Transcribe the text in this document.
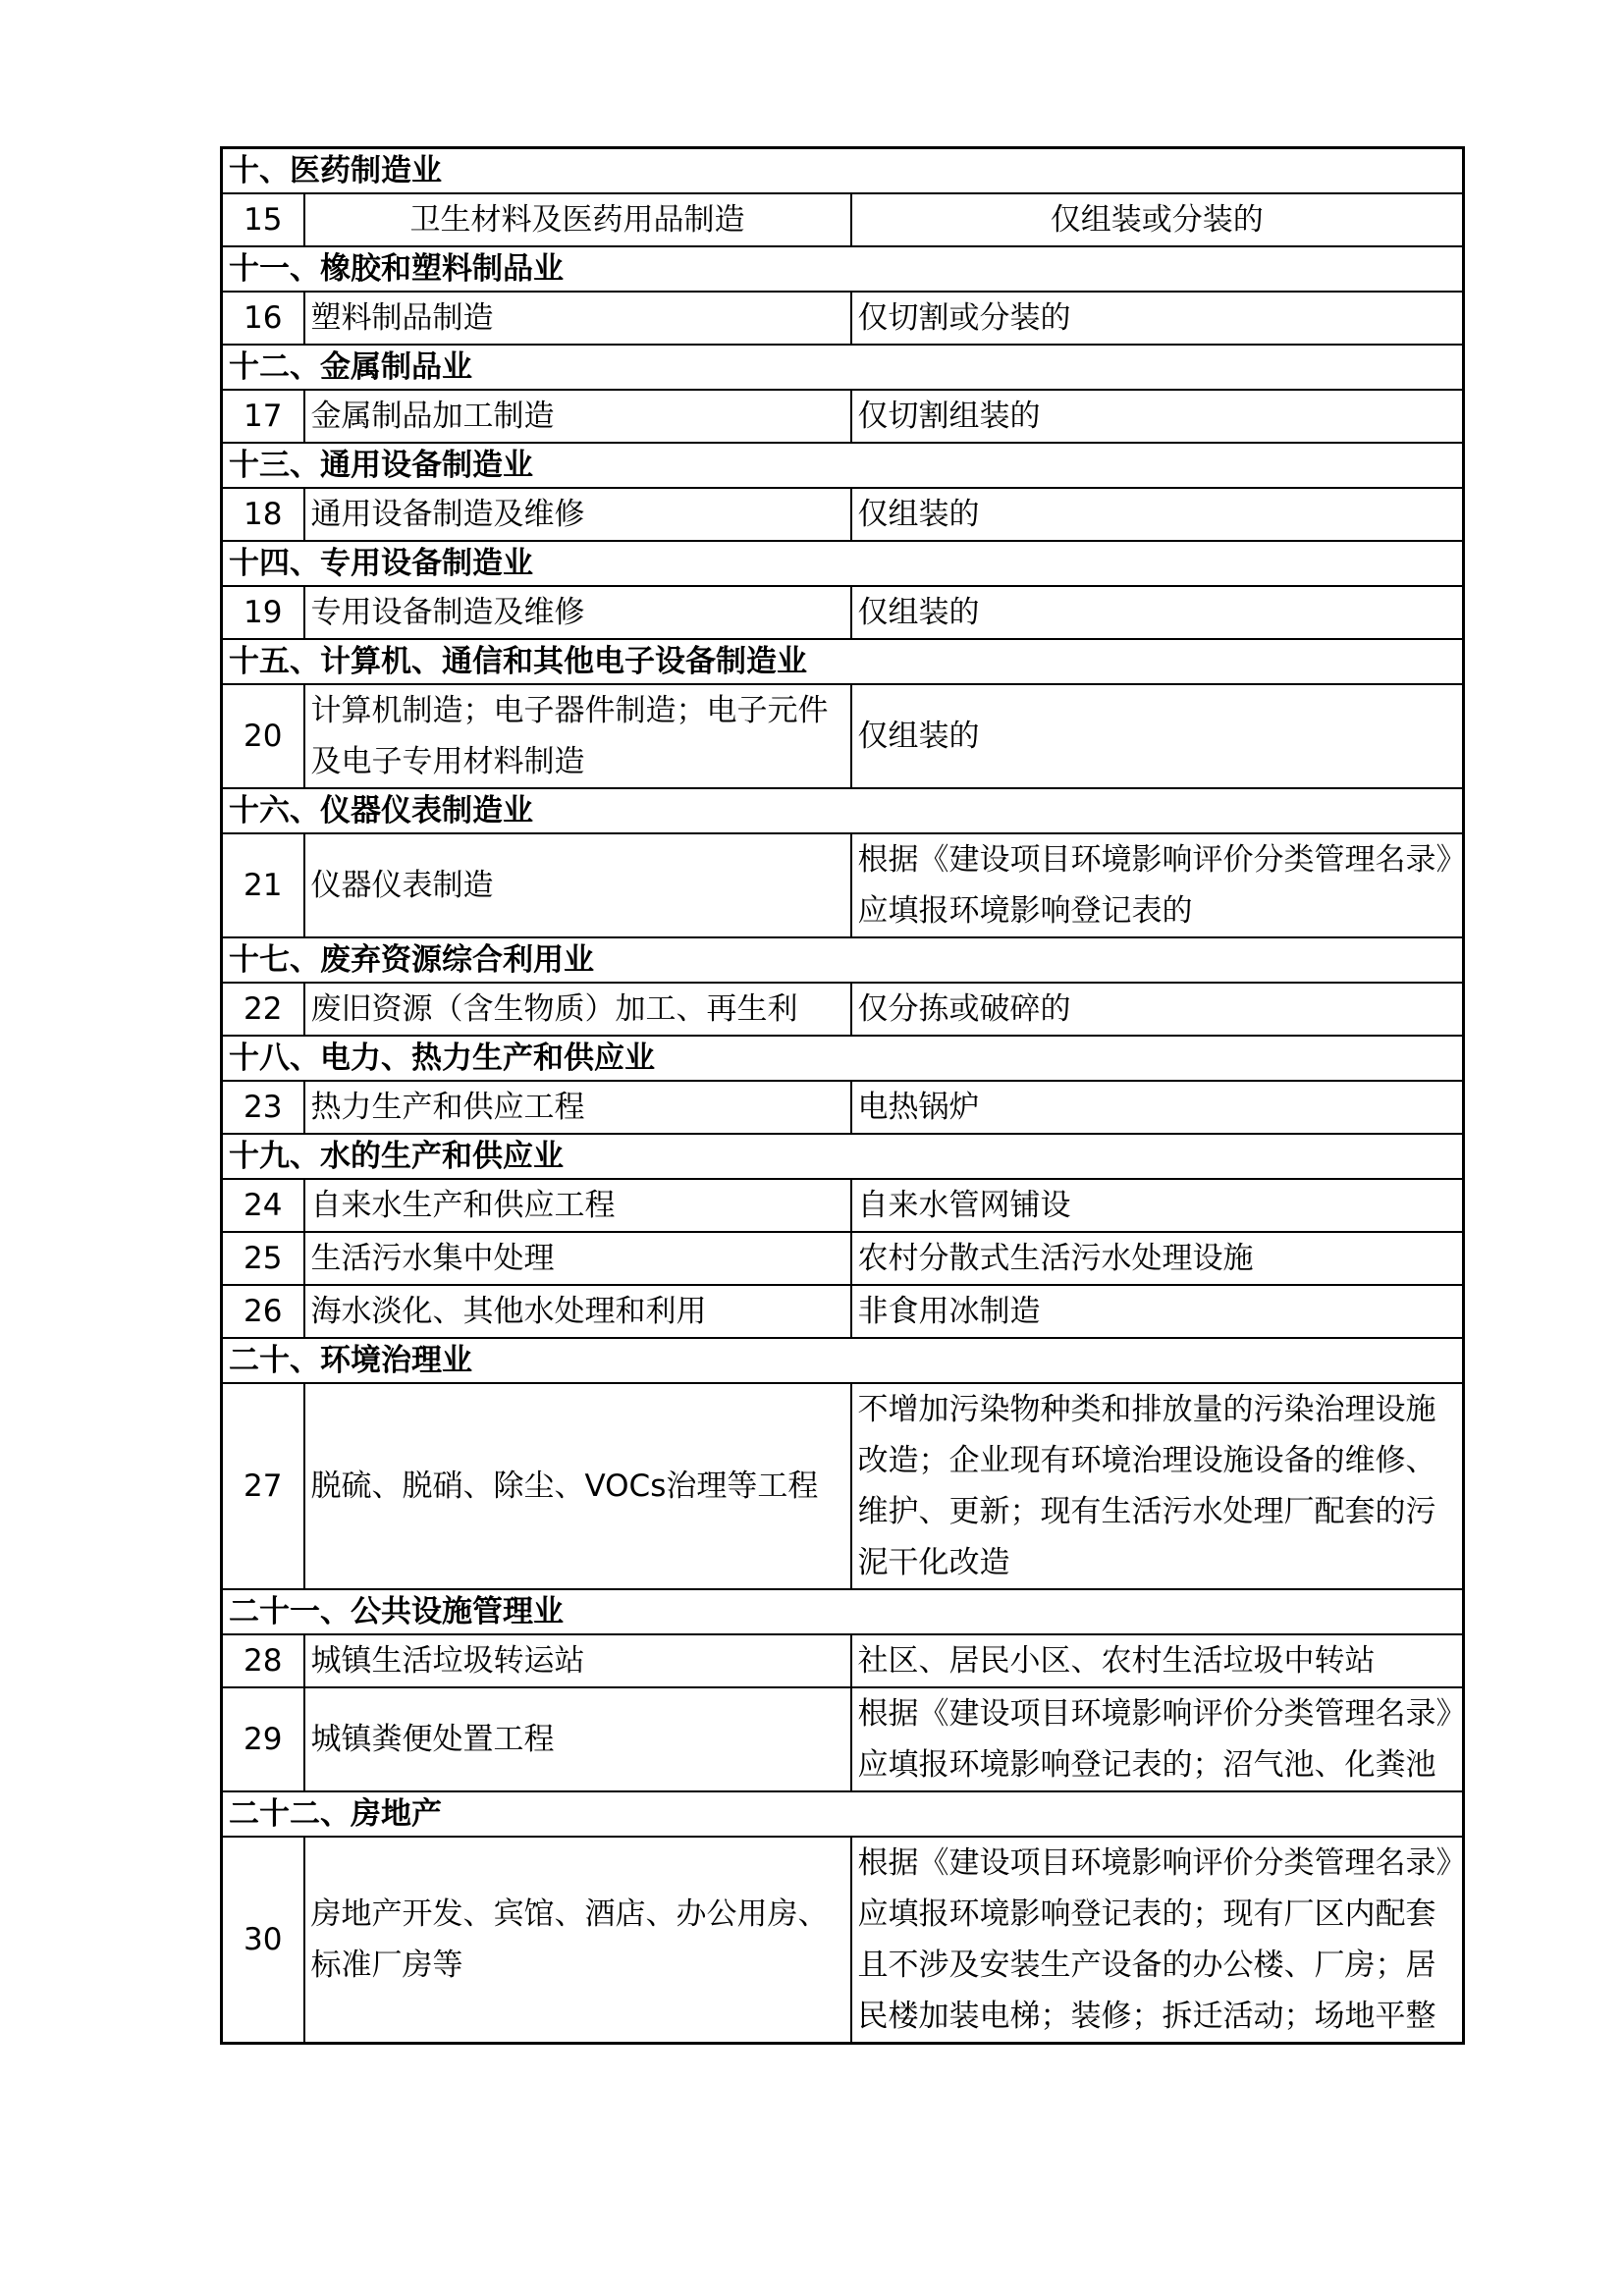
十、医药制造业		
15	卫生材料及医药用品制造	仅组装或分装的
十一、橡胶和塑料制品业		
16	塑料制品制造	仅切割或分装的
十二、金属制品业		
17	金属制品加工制造	仅切割组装的
十三、通用设备制造业		
18	通用设备制造及维修	仅组装的
十四、专用设备制造业		
19	专用设备制造及维修	仅组装的
十五、计算机、通信和其他电子设备制造业		
20	计算机制造；电子器件制造；电子元件及电子专用材料制造	仅组装的
十六、仪器仪表制造业		
21	仪器仪表制造	根据《建设项目环境影响评价分类管理名录》应填报环境影响登记表的
十七、废弃资源综合利用业		
22	废旧资源（含生物质）加工、再生利	仅分拣或破碎的
十八、电力、热力生产和供应业		
23	热力生产和供应工程	电热锅炉
十九、水的生产和供应业		
24	自来水生产和供应工程	自来水管网铺设
25	生活污水集中处理	农村分散式生活污水处理设施
26	海水淡化、其他水处理和利用	非食用冰制造
二十、环境治理业		
27	脱硫、脱硝、除尘、VOCs治理等工程	不增加污染物种类和排放量的污染治理设施改造；企业现有环境治理设施设备的维修、维护、更新；现有生活污水处理厂配套的污泥干化改造
二十一、公共设施管理业		
28	城镇生活垃圾转运站	社区、居民小区、农村生活垃圾中转站
29	城镇粪便处置工程	根据《建设项目环境影响评价分类管理名录》应填报环境影响登记表的；沼气池、化粪池
二十二、房地产		
30	房地产开发、宾馆、酒店、办公用房、标准厂房等	根据《建设项目环境影响评价分类管理名录》应填报环境影响登记表的；现有厂区内配套且不涉及安装生产设备的办公楼、厂房；居民楼加装电梯；装修；拆迁活动；场地平整
